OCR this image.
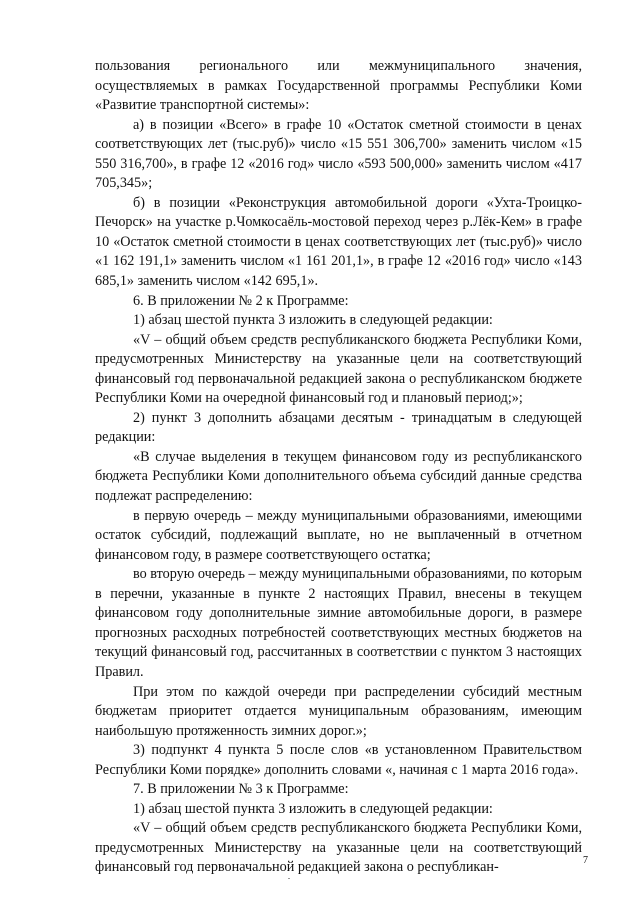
пользования регионального или межмуниципального значения, осуществляемых в рамках Государственной программы Республики Коми «Развитие транспортной системы»:

а) в позиции «Всего» в графе 10 «Остаток сметной стоимости в ценах соответствующих лет (тыс.руб)» число «15 551 306,700» заменить числом «15 550 316,700», в графе 12 «2016 год» число «593 500,000» заменить числом «417 705,345»;

б) в позиции «Реконструкция автомобильной дороги «Ухта-Троицко-Печорск» на участке р.Чомкосаёль-мостовой переход через р.Лёк-Кем» в графе 10 «Остаток сметной стоимости в ценах соответствующих лет (тыс.руб)» число «1 162 191,1» заменить числом «1 161 201,1», в графе 12 «2016 год» число «143 685,1» заменить числом «142 695,1».

6. В приложении № 2 к Программе:

1) абзац шестой пункта 3 изложить в следующей редакции:

«V – общий объем средств республиканского бюджета Республики Коми, предусмотренных Министерству на указанные цели на соответствующий финансовый год первоначальной редакцией закона о республиканском бюджете Республики Коми на очередной финансовый год и плановый период;»;

2) пункт 3 дополнить абзацами десятым - тринадцатым в следующей редакции:

«В случае выделения в текущем финансовом году из республиканского бюджета Республики Коми дополнительного объема субсидий данные средства подлежат распределению:

в первую очередь – между муниципальными образованиями, имеющими остаток субсидий, подлежащий выплате, но не выплаченный в отчетном финансовом году, в размере соответствующего остатка;

во вторую очередь – между муниципальными образованиями, по которым в перечни, указанные в пункте 2 настоящих Правил, внесены в текущем финансовом году дополнительные зимние автомобильные дороги, в размере прогнозных расходных потребностей соответствующих местных бюджетов на текущий финансовый год, рассчитанных в соответствии с пунктом 3 настоящих Правил.

При этом по каждой очереди при распределении субсидий местным бюджетам приоритет отдается муниципальным образованиям, имеющим наибольшую протяженность зимних дорог.»;

3) подпункт 4 пункта 5 после слов «в установленном Правительством Республики Коми порядке» дополнить словами «, начиная с 1 марта 2016 года».

7. В приложении № 3 к Программе:

1) абзац шестой пункта 3 изложить в следующей редакции:

«V – общий объем средств республиканского бюджета Республики Коми, предусмотренных Министерству на указанные цели на соответствующий финансовый год первоначальной редакцией закона о республикан-	7
